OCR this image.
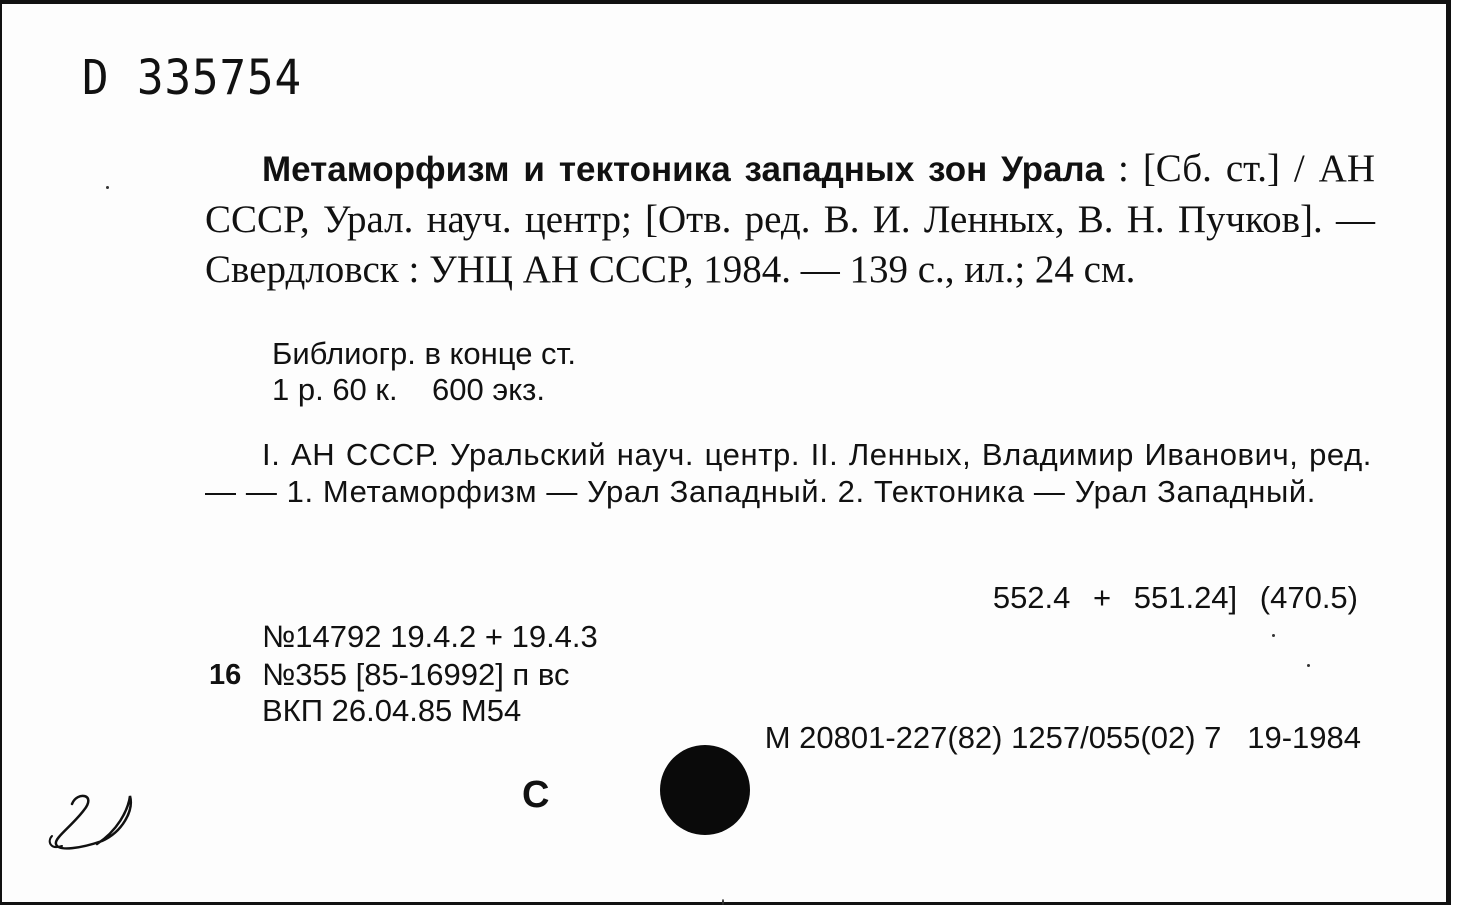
D 335754
Метаморфизм и тектоника западных зон Урала : [Сб. ст.] / АН СССР, Урал. науч. центр; [Отв. ред. В. И. Ленных, В. Н. Пучков]. — Свердловск : УНЦ АН СССР, 1984. — 139 с., ил.; 24 см.
Библиогр. в конце ст.
1 р. 60 к.    600 экз.
I. АН СССР. Уральский науч. центр. II. Ленных, Владимир Иванович, ред. — — 1. Метаморфизм — Урал Западный. 2. Тектоника — Урал Западный.
552.4 + 551.24] (470.5)
№14792 19.4.2 + 19.4.3
16 №355 [85-16992] п вс
ВКП 26.04.85 М54
М 20801-227(82) 1257/055(02) 7   19-1984
С
